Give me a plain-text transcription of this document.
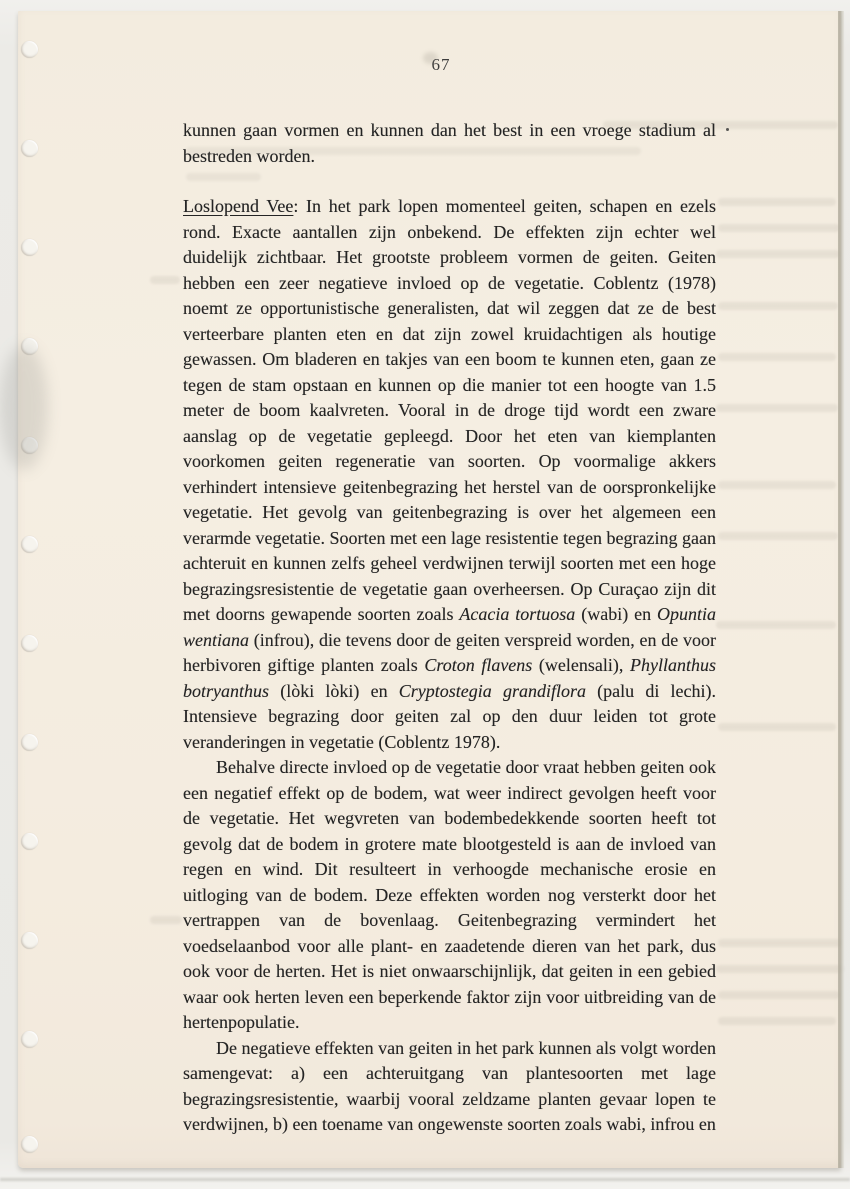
67

kunnen gaan vormen en kunnen dan het best in een vroege stadium al bestreden worden.

Loslopend Vee: In het park lopen momenteel geiten, schapen en ezels rond. Exacte aantallen zijn onbekend. De effekten zijn echter wel duidelijk zichtbaar. Het grootste probleem vormen de geiten. Geiten hebben een zeer negatieve invloed op de vegetatie. Coblentz (1978) noemt ze opportunistische generalisten, dat wil zeggen dat ze de best verteerbare planten eten en dat zijn zowel kruidachtigen als houtige gewassen. Om bladeren en takjes van een boom te kunnen eten, gaan ze tegen de stam opstaan en kunnen op die manier tot een hoogte van 1.5 meter de boom kaalvreten. Vooral in de droge tijd wordt een zware aanslag op de vegetatie gepleegd. Door het eten van kiemplanten voorkomen geiten regeneratie van soorten. Op voormalige akkers verhindert intensieve geitenbegrazing het herstel van de oorspronkelijke vegetatie. Het gevolg van geitenbegrazing is over het algemeen een verarmde vegetatie. Soorten met een lage resistentie tegen begrazing gaan achteruit en kunnen zelfs geheel verdwijnen terwijl soorten met een hoge begrazingsresistentie de vegetatie gaan overheersen. Op Curaçao zijn dit met doorns gewapende soorten zoals Acacia tortuosa (wabi) en Opuntia wentiana (infrou), die tevens door de geiten verspreid worden, en de voor herbivoren giftige planten zoals Croton flavens (welensali), Phyllanthus botryanthus (lòki lòki) en Cryptostegia grandiflora (palu di lechi). Intensieve begrazing door geiten zal op den duur leiden tot grote veranderingen in vegetatie (Coblentz 1978).

Behalve directe invloed op de vegetatie door vraat hebben geiten ook een negatief effekt op de bodem, wat weer indirect gevolgen heeft voor de vegetatie. Het wegvreten van bodembedekkende soorten heeft tot gevolg dat de bodem in grotere mate blootgesteld is aan de invloed van regen en wind. Dit resulteert in verhoogde mechanische erosie en uitloging van de bodem. Deze effekten worden nog versterkt door het vertrappen van de bovenlaag. Geitenbegrazing vermindert het voedselaanbod voor alle plant- en zaadetende dieren van het park, dus ook voor de herten. Het is niet onwaarschijnlijk, dat geiten in een gebied waar ook herten leven een beperkende faktor zijn voor uitbreiding van de hertenpopulatie.

De negatieve effekten van geiten in het park kunnen als volgt worden samengevat: a) een achteruitgang van plantesoorten met lage begrazingsresistentie, waarbij vooral zeldzame planten gevaar lopen te verdwijnen, b) een toename van ongewenste soorten zoals wabi, infrou en
